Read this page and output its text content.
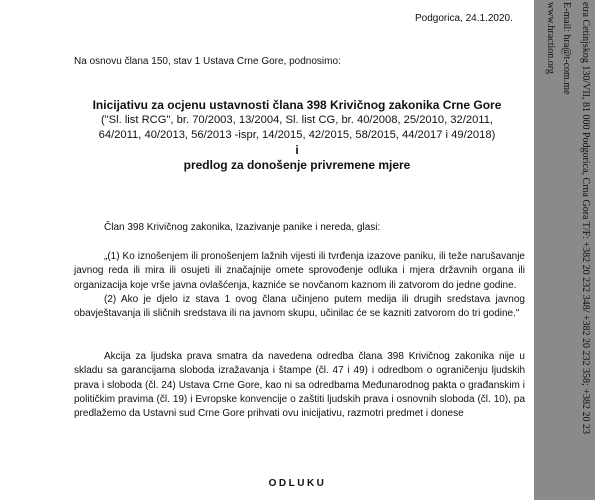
Podgorica, 24.1.2020.
Na osnovu člana 150, stav 1 Ustava Crne Gore, podnosimo:
Inicijativu za ocjenu ustavnosti člana 398 Krivičnog zakonika Crne Gore
("Sl. list RCG", br. 70/2003, 13/2004, Sl. list CG, br. 40/2008, 25/2010, 32/2011,
64/2011, 40/2013, 56/2013 -ispr, 14/2015, 42/2015, 58/2015, 44/2017 i 49/2018)
i
predlog za donošenje privremene mjere
Član 398 Krivičnog zakonika, Izazivanje panike i nereda, glasi:

„(1) Ko iznošenjem ili pronošenjem lažnih vijesti ili tvrđenja izazove paniku, ili teže narušavanje javnog reda ili mira ili osujeti ili značajnije omete sprovođenje odluka i mjera državnih organa ili organizacija koje vrše javna ovlašćenja, kazniće se novčanom kaznom ili zatvorom do jedne godine.

(2) Ako je djelo iz stava 1 ovog člana učinjeno putem medija ili drugih sredstava javnog obavještavanja ili sličnih sredstava ili na javnom skupu, učinilac će se kazniti zatvorom do tri godine."

Akcija za ljudska prava smatra da navedena odredba člana 398 Krivičnog zakonika nije u skladu sa garancijama sloboda izražavanja i štampe (čl. 47 i 49) i odredbom o ograničenju ljudskih prava i sloboda (čl. 24) Ustava Crne Gore, kao ni sa odredbama Međunarodnog pakta o građanskim i političkim pravima (čl. 19) i Evropske konvencije o zaštiti ljudskih prava i osnovnih sloboda (čl. 10), pa predlažemo da Ustavni sud Crne Gore prihvati ovu inicijativu, razmotri predmet i donese

ODLUKU
etra Cetinjskog 130/VII, 81 000 Podgorica, Crna Gora T/F: +382 20 232 348/ +382 20 232 358; +382 20 23
E-mail: hra@t-com.me
www.hraction.org
